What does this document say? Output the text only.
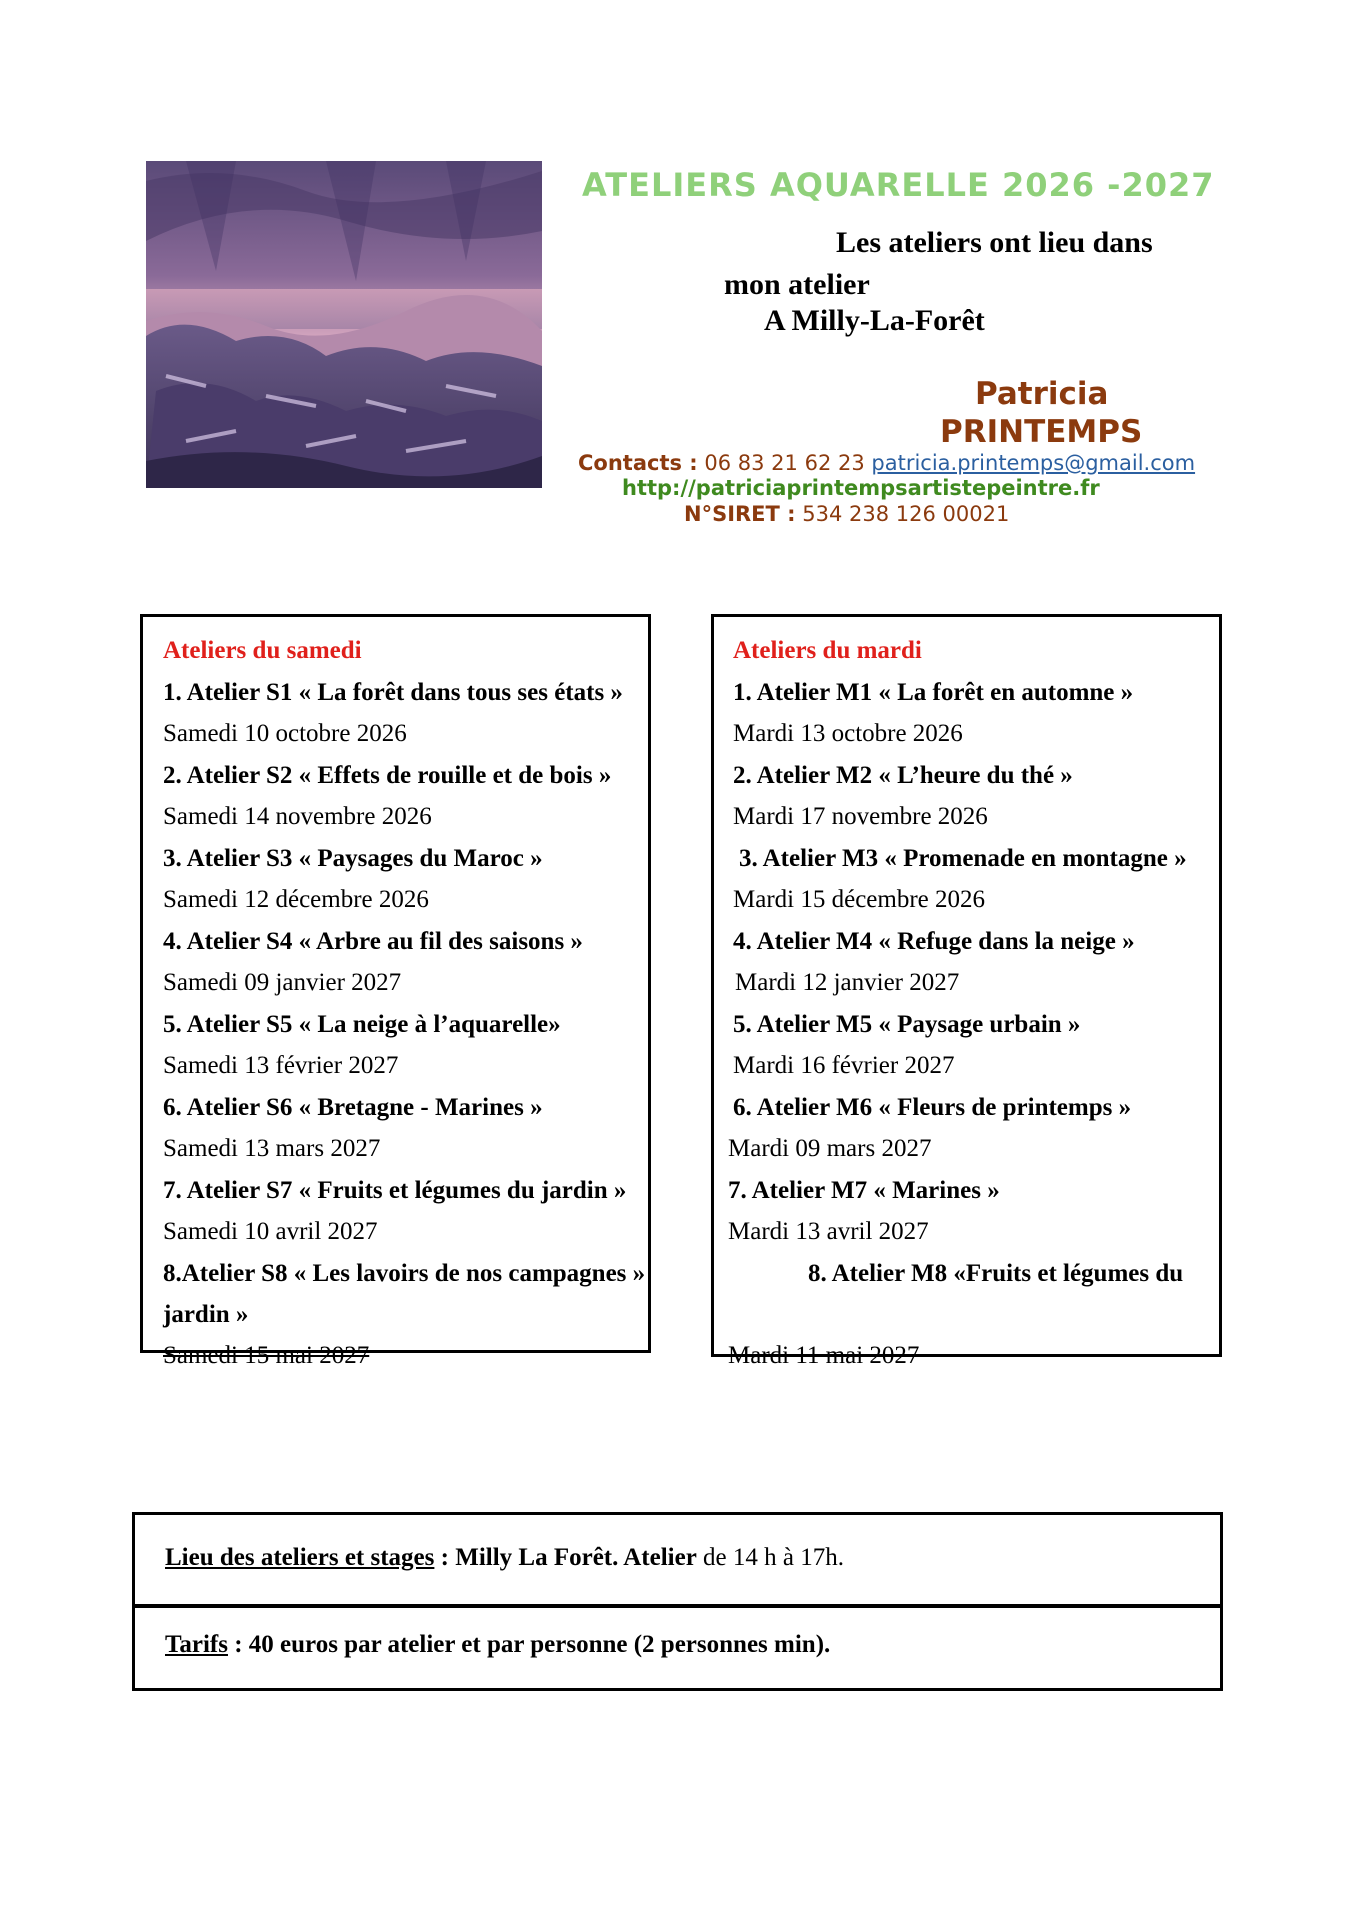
ATELIERS AQUARELLE 2026 -2027
Les ateliers ont lieu dans
mon atelier
A Milly-La-Forêt
Patricia
PRINTEMPS
Contacts : 06 83 21 62 23 patricia.printemps@gmail.com
http://patriciaprintempsartistepeintre.fr
N°SIRET : 534 238 126 00021
Ateliers du samedi
1. Atelier S1 « La forêt dans tous ses états »
Samedi 10 octobre 2026
2. Atelier S2 « Effets de rouille et de bois »
Samedi 14 novembre 2026
3. Atelier S3 « Paysages du Maroc »
Samedi 12 décembre 2026
4. Atelier S4 « Arbre au fil des saisons »
Samedi 09 janvier 2027
5. Atelier S5 « La neige à l’aquarelle»
Samedi 13 février 2027
6. Atelier S6 « Bretagne - Marines »
Samedi 13 mars 2027
7. Atelier S7 « Fruits et légumes du jardin »
Samedi 10 avril 2027
8.Atelier S8 « Les lavoirs de nos campagnes »
jardin »
Samedi 15 mai 2027
Ateliers du mardi
1. Atelier M1 « La forêt en automne »
Mardi 13 octobre 2026
2. Atelier M2 « L’heure du thé »
Mardi 17 novembre 2026
3. Atelier M3 « Promenade en montagne »
Mardi 15 décembre 2026
4. Atelier M4 « Refuge dans la neige »
Mardi 12 janvier 2027
5. Atelier M5 « Paysage urbain »
Mardi 16 février 2027
6. Atelier M6 « Fleurs de printemps »
Mardi 09 mars 2027
7. Atelier M7 « Marines »
Mardi 13 avril 2027
8. Atelier M8 «Fruits et légumes du
Mardi 11 mai 2027
Lieu des ateliers et stages : Milly La Forêt. Atelier de 14 h à 17h.
Tarifs : 40 euros par atelier et par personne (2 personnes min).
